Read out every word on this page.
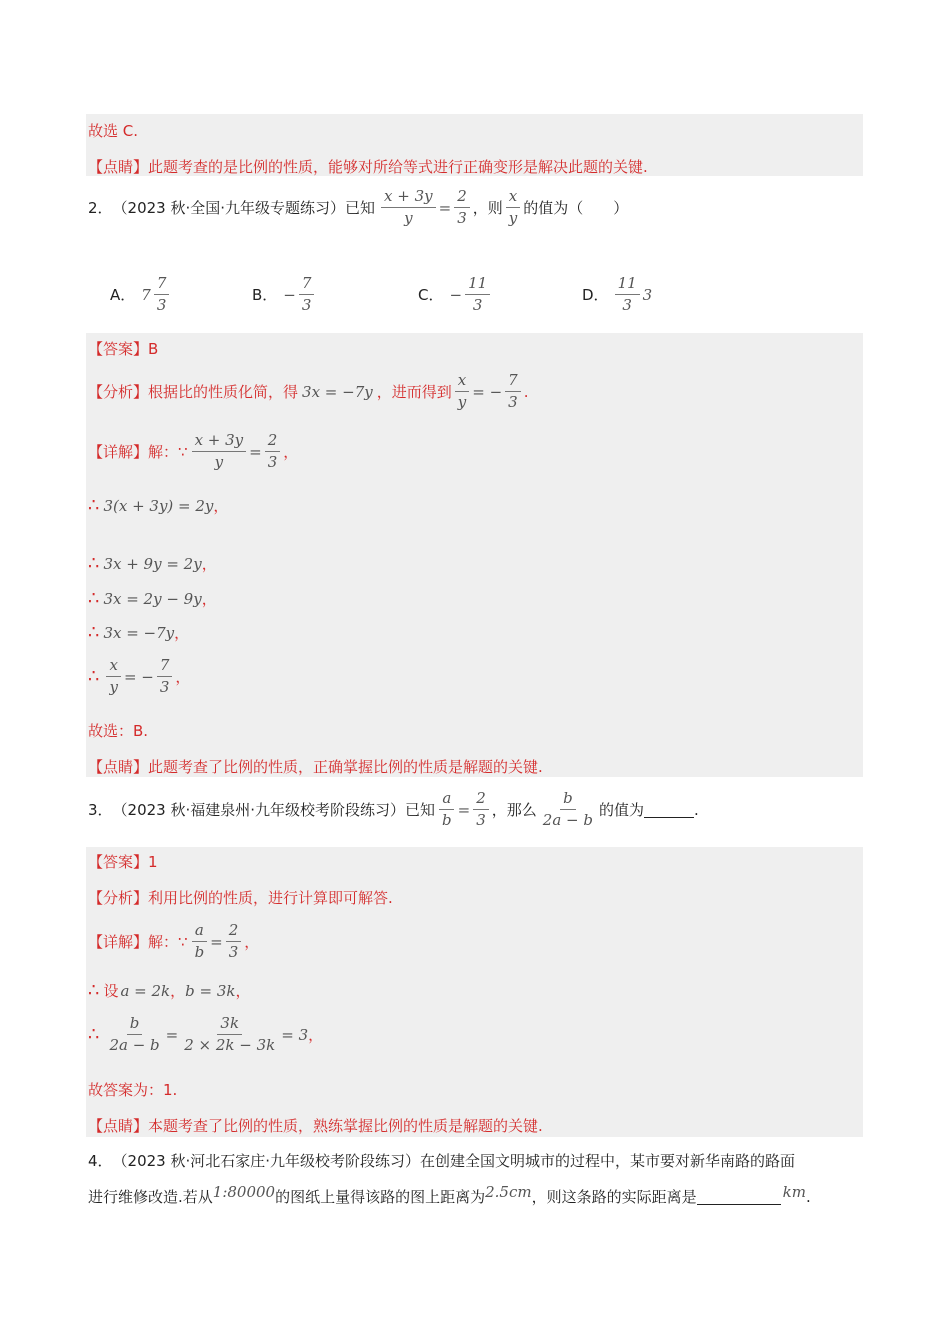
故选 C.
【点睛】 此题考查的是比例的性质，能够对所给等式进行正确变形是解决此题的关键.
2． （2023 秋·全国·九年级专题练习）已知 $\frac{x + 3y}{y} = \frac{2}{3}$ ，则 $\frac{x}{y}$ 的值为（　　）
A． $7 \frac{7}{3}$	B． − $\frac{7}{3}$	C． − $\frac{11}{3}$	D． $\frac{11}{3} 3$
【答案】 B
【分析】 根据比的性质化简，得 3x = −7y ，进而得到 $\frac{x}{y}$ = − $\frac{7}{3}$ .
【详解】 解：∵ $\frac{x + 3y}{y} = \frac{2}{3}$ ，
∴ 3(x + 3y) = 2y ，
∴ 3x + 9y = 2y ，
∴ 3x = 2y − 9y ，
∴ 3x = −7y ，
∴ $\frac{x}{y}$ = − $\frac{7}{3}$ ，
故选：B.
【点睛】 此题考查了比例的性质，正确掌握比例的性质是解题的关键.
3． （2023 秋·福建泉州·九年级校考阶段练习）已知 $\frac{a}{b} = \frac{2}{3}$ ，那么 $\frac{b}{2a - b}$ 的值为	.
【答案】 1
【分析】 利用比例的性质，进行计算即可解答.
【详解】 解：∵ $\frac{a}{b} = \frac{2}{3}$ ，
∴ 设 a = 2k ， b = 3k ，
∴ $\frac{b}{2a - b} = \frac{3k}{2 \times 2k - 3k} = 3$ ，
故答案为：1.
【点睛】 本题考查了比例的性质，熟练掌握比例的性质是解题的关键.
4． （2023 秋·河北石家庄·九年级校考阶段练习）在创建全国文明城市的过程中，某市要对新华南路的路面
进行维修改造.若从 1:80000 的图纸上量得该路的图上距离为 2.5cm ，则这条路的实际距离是	km .
